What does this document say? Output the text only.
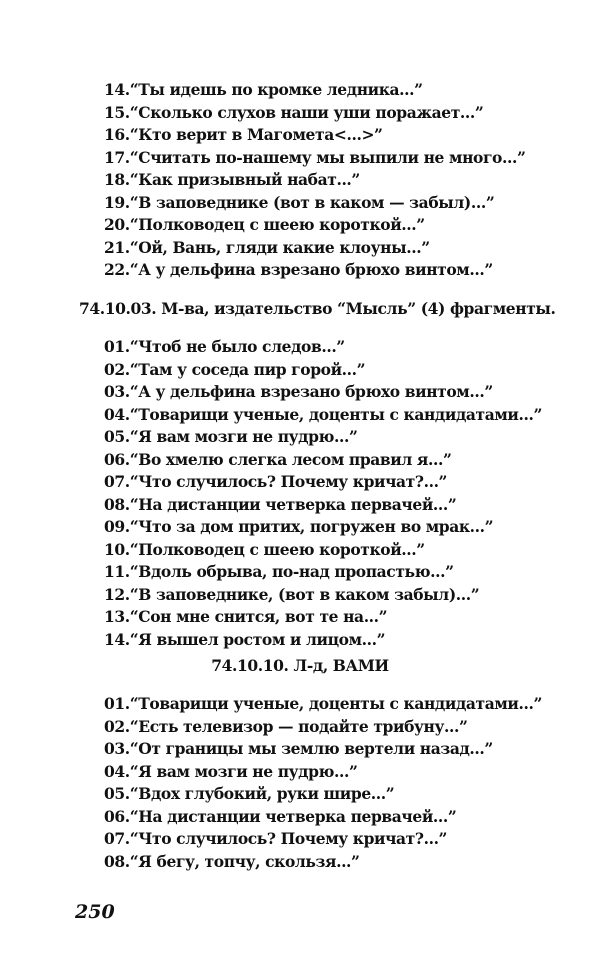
14.“Ты идешь по кромке ледника...”
15.“Сколько слухов наши уши поражает...”
16.“Кто верит в Магомета<...>”
17.“Считать по-нашему мы выпили не много...”
18.“Как призывный набат...”
19.“В заповеднике (вот в каком — забыл)...”
20.“Полководец с шеею короткой...”
21.“Ой, Вань, гляди какие клоуны...”
22.“А у дельфина взрезано брюхо винтом...”
74.10.03. М-ва, издательство “Мысль” (4) фрагменты.
01.“Чтоб не было следов...”
02.“Там у соседа пир горой...”
03.“А у дельфина взрезано брюхо винтом...”
04.“Товарищи ученые, доценты с кандидатами...”
05.“Я вам мозги не пудрю...”
06.“Во хмелю слегка лесом правил я...”
07.“Что случилось? Почему кричат?...”
08.“На дистанции четверка первачей...”
09.“Что за дом притих, погружен во мрак...”
10.“Полководец с шеею короткой...”
11.“Вдоль обрыва, по-над пропастью...”
12.“В заповеднике, (вот в каком забыл)...”
13.“Сон мне снится, вот те на...”
14.“Я вышел ростом и лицом...”
74.10.10. Л-д, ВАМИ
01.“Товарищи ученые, доценты с кандидатами...”
02.“Есть телевизор — подайте трибуну...”
03.“От границы мы землю вертели назад...”
04.“Я вам мозги не пудрю...”
05.“Вдох глубокий, руки шире...”
06.“На дистанции четверка первачей...”
07.“Что случилось? Почему кричат?...”
08.“Я бегу, топчу, скользя...”
250
